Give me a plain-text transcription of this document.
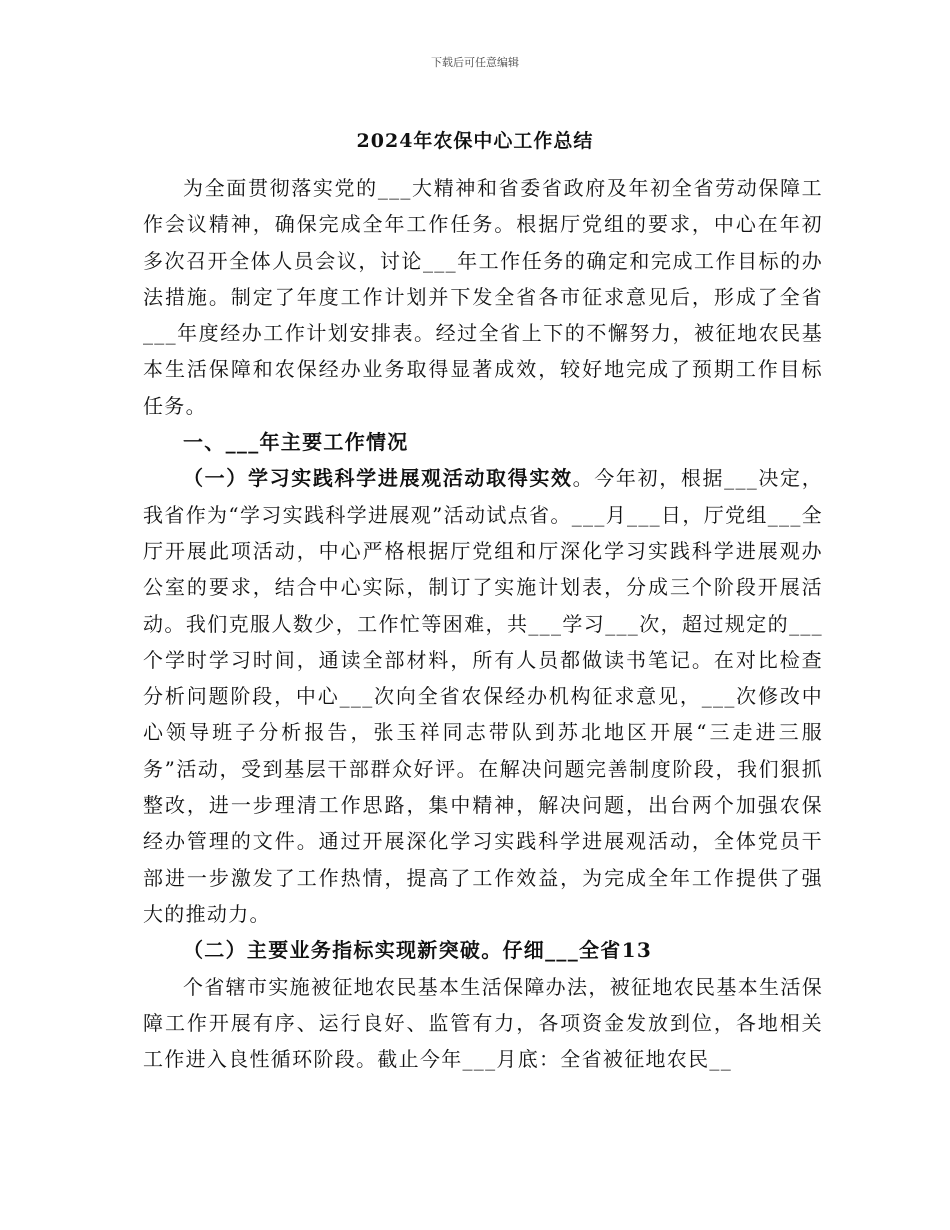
下载后可任意编辑
2024年农保中心工作总结

为全面贯彻落实党的___大精神和省委省政府及年初全省劳动保障工作会议精神，确保完成全年工作任务。根据厅党组的要求，中心在年初多次召开全体人员会议，讨论___年工作任务的确定和完成工作目标的办法措施。制定了年度工作计划并下发全省各市征求意见后，形成了全省___年度经办工作计划安排表。经过全省上下的不懈努力，被征地农民基本生活保障和农保经办业务取得显著成效，较好地完成了预期工作目标任务。

一、___年主要工作情况

（一）学习实践科学进展观活动取得实效。今年初，根据___决定，我省作为“学习实践科学进展观”活动试点省。___月___日，厅党组___全厅开展此项活动，中心严格根据厅党组和厅深化学习实践科学进展观办公室的要求，结合中心实际，制订了实施计划表，分成三个阶段开展活动。我们克服人数少，工作忙等困难，共___学习___次，超过规定的___个学时学习时间，通读全部材料，所有人员都做读书笔记。在对比检查分析问题阶段，中心___次向全省农保经办机构征求意见，___次修改中心领导班子分析报告，张玉祥同志带队到苏北地区开展“三走进三服务”活动，受到基层干部群众好评。在解决问题完善制度阶段，我们狠抓整改，进一步理清工作思路，集中精神，解决问题，出台两个加强农保经办管理的文件。通过开展深化学习实践科学进展观活动，全体党员干部进一步激发了工作热情，提高了工作效益，为完成全年工作提供了强大的推动力。

（二）主要业务指标实现新突破。仔细___全省13

个省辖市实施被征地农民基本生活保障办法，被征地农民基本生活保障工作开展有序、运行良好、监管有力，各项资金发放到位，各地相关工作进入良性循环阶段。截止今年___月底：全省被征地农民__
